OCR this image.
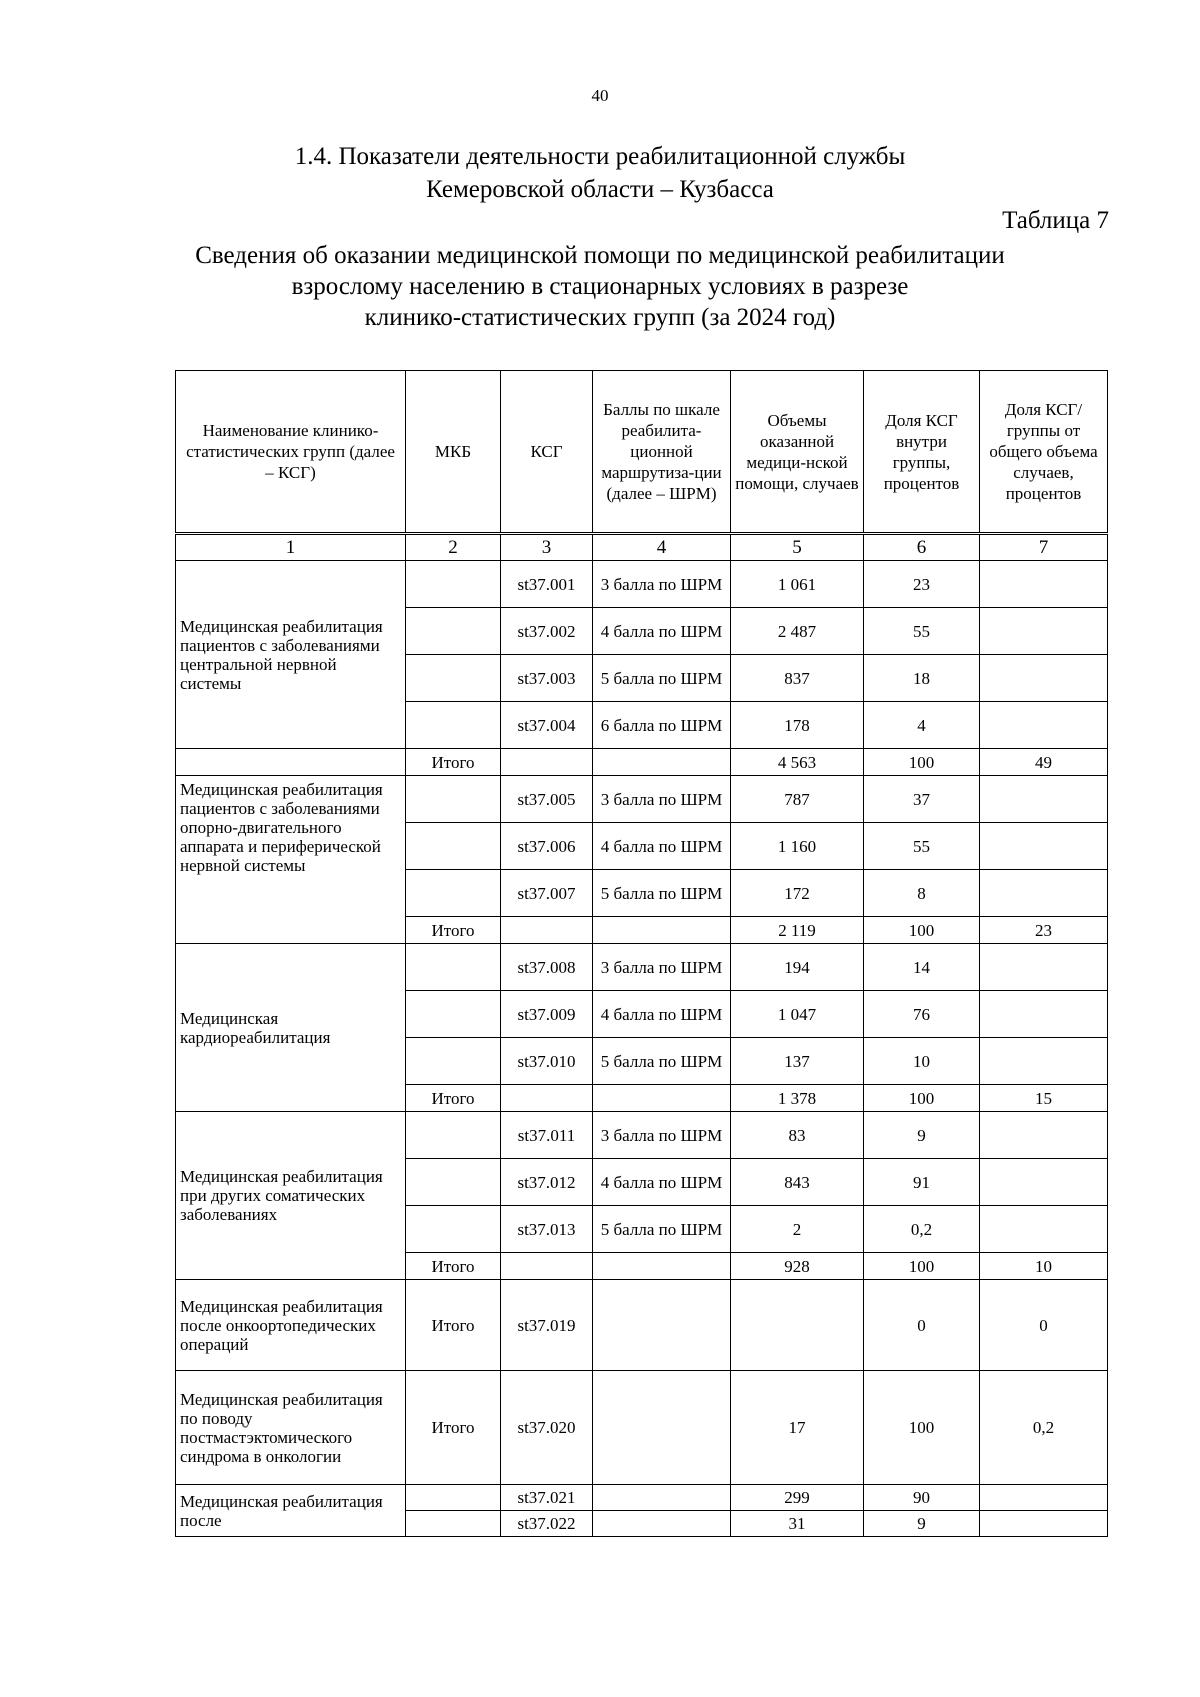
40
1.4. Показатели деятельности реабилитационной службы
Кемеровской области – Кузбасса
Таблица 7
Сведения об оказании медицинской помощи по медицинской реабилитации
взрослому населению в стационарных условиях в разрезе
клинико-статистических групп (за 2024 год)
Наименование клинико-статистических групп (далее – КСГ)	МКБ	КСГ	Баллы по шкале реабилита-ционной маршрутиза-ции (далее – ШРМ)	Объемы оказанной медици-нской помощи, случаев	Доля КСГ внутри группы, процентов	Доля КСГ/группы от общего объема случаев, процентов
1	2	3	4	5	6	7
Медицинская реабилитация пациентов с заболеваниями центральной нервной системы		st37.001	3 балла по ШРМ	1 061	23	
		st37.002	4 балла по ШРМ	2 487	55	
		st37.003	5 балла по ШРМ	837	18	
		st37.004	6 балла по ШРМ	178	4	
	Итого			4 563	100	49
Медицинская реабилитация пациентов с заболеваниями опорно-двигательного аппарата и периферической нервной системы		st37.005	3 балла по ШРМ	787	37	
		st37.006	4 балла по ШРМ	1 160	55	
		st37.007	5 балла по ШРМ	172	8	
	Итого			2 119	100	23
Медицинская кардиореабилитация		st37.008	3 балла по ШРМ	194	14	
		st37.009	4 балла по ШРМ	1 047	76	
		st37.010	5 балла по ШРМ	137	10	
	Итого			1 378	100	15
Медицинская реабилитация при других соматических заболеваниях		st37.011	3 балла по ШРМ	83	9	
		st37.012	4 балла по ШРМ	843	91	
		st37.013	5 балла по ШРМ	2	0,2	
	Итого			928	100	10
Медицинская реабилитация после онкоортопедических операций	Итого	st37.019			0	0
Медицинская реабилитация по поводу постмастэктомического синдрома в онкологии	Итого	st37.020		17	100	0,2
Медицинская реабилитация после		st37.021		299	90	
		st37.022		31	9	
